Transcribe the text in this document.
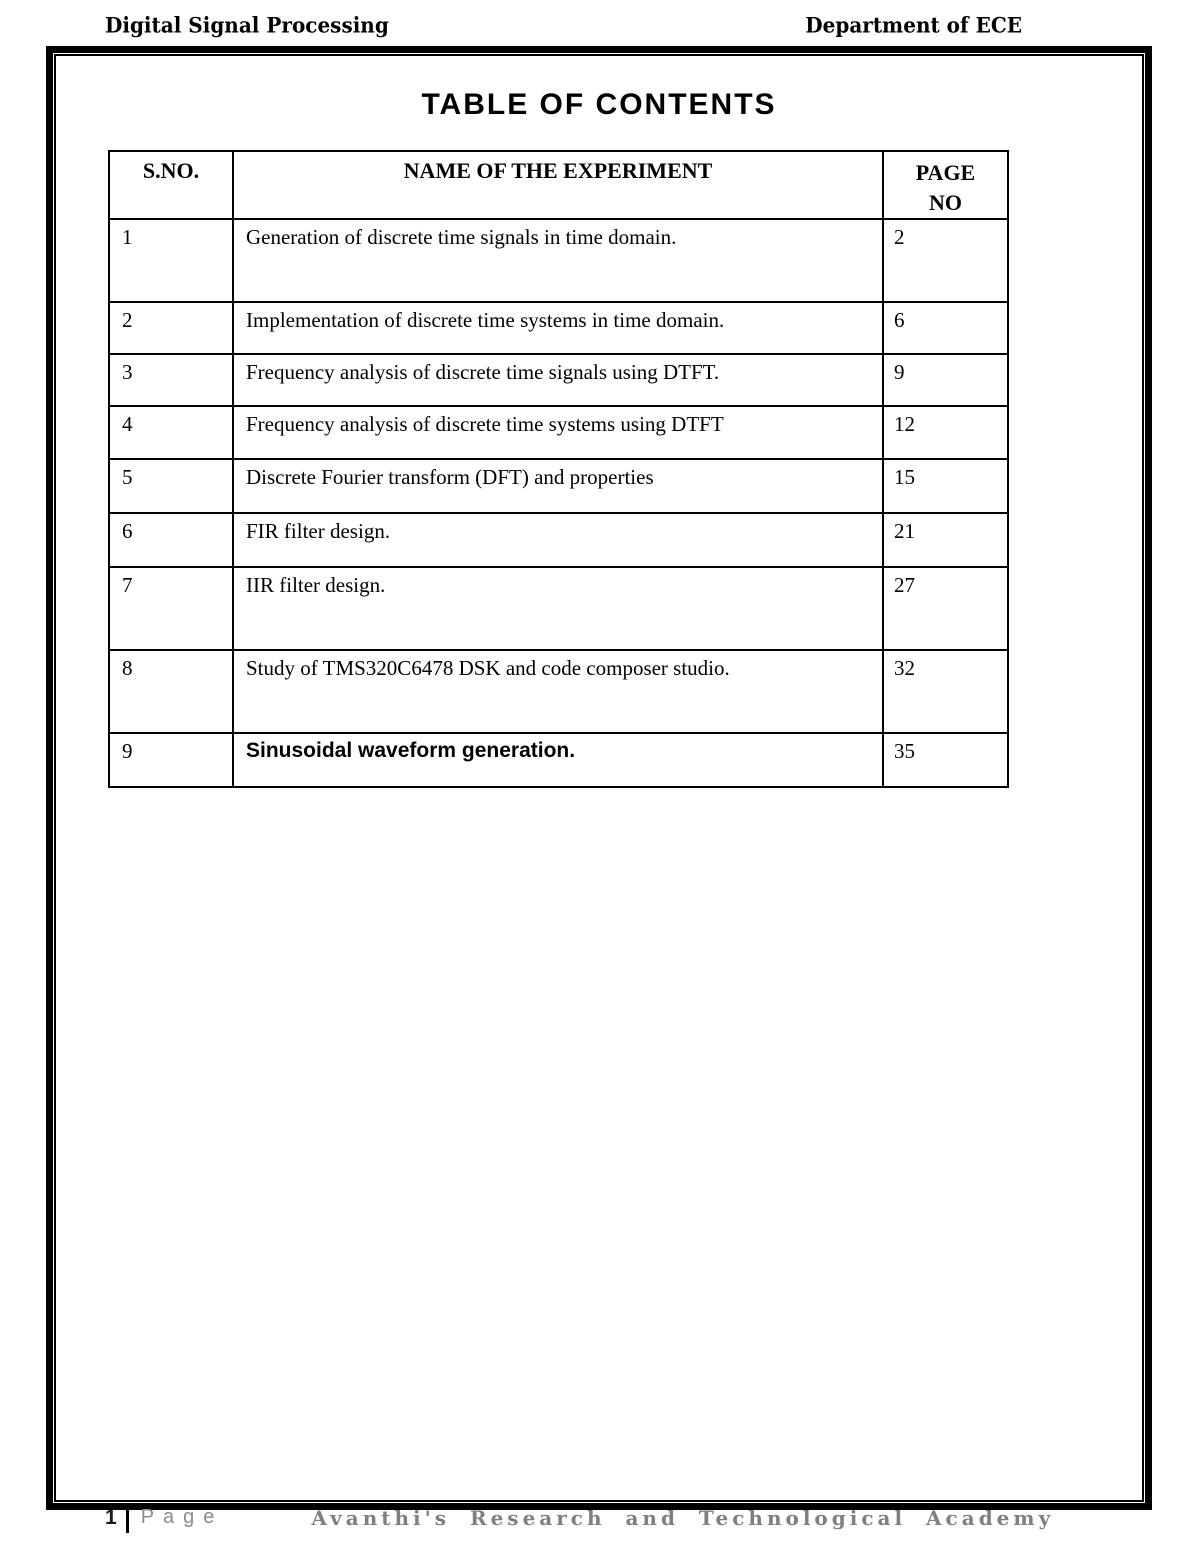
Digital Signal Processing	Department of ECE
TABLE OF CONTENTS
S.NO.	NAME OF THE EXPERIMENT	PAGE
NO

1	Generation of discrete time signals in time domain.	2
2	Implementation of discrete time systems in time domain.	6
3	Frequency analysis of discrete time signals using DTFT.	9
4	Frequency analysis of discrete time systems using DTFT	12
5	Discrete Fourier transform (DFT) and properties	15
6	FIR filter design.	21
7	IIR filter design.	27
8	Study of TMS320C6478 DSK and code composer studio.	32
9	Sinusoidal waveform generation.	35
1 Page	Avanthi's Research and Technological Academy
